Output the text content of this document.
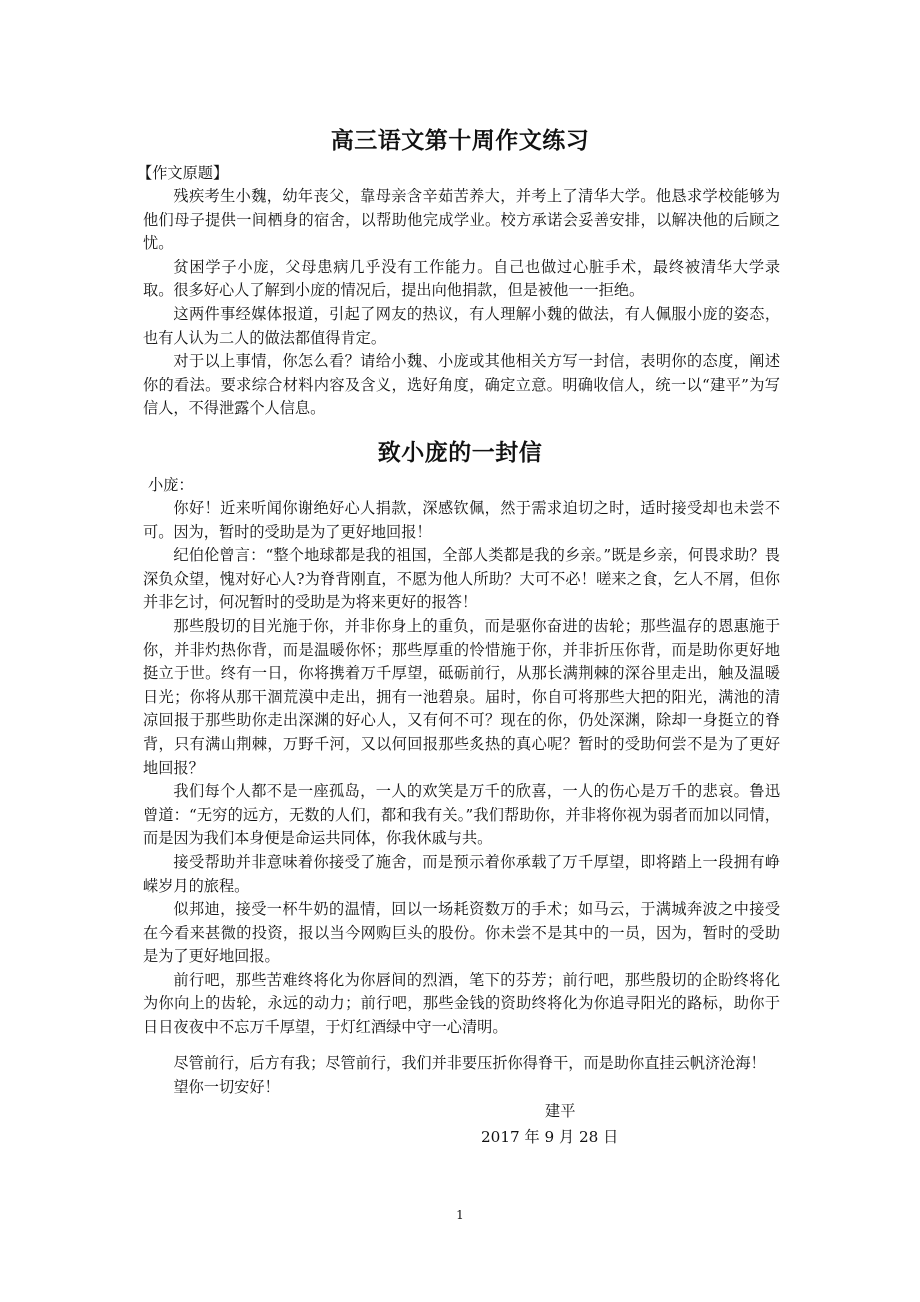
高三语文第十周作文练习
【作文原题】

残疾考生小魏，幼年丧父，靠母亲含辛茹苦养大，并考上了清华大学。他恳求学校能够为他们母子提供一间栖身的宿舍，以帮助他完成学业。校方承诺会妥善安排，以解决他的后顾之忧。

贫困学子小庞，父母患病几乎没有工作能力。自己也做过心脏手术，最终被清华大学录取。很多好心人了解到小庞的情况后，提出向他捐款，但是被他一一拒绝。

这两件事经媒体报道，引起了网友的热议，有人理解小魏的做法，有人佩服小庞的姿态，也有人认为二人的做法都值得肯定。

对于以上事情，你怎么看？请给小魏、小庞或其他相关方写一封信，表明你的态度，阐述你的看法。要求综合材料内容及含义，选好角度，确定立意。明确收信人，统一以“建平”为写信人，不得泄露个人信息。

致小庞的一封信
小庞：

你好！近来听闻你谢绝好心人捐款，深感钦佩，然于需求迫切之时，适时接受却也未尝不可。因为，暂时的受助是为了更好地回报！

纪伯伦曾言：“整个地球都是我的祖国，全部人类都是我的乡亲。”既是乡亲，何畏求助？畏深负众望，愧对好心人?为脊背刚直，不愿为他人所助？大可不必！嗟来之食，乞人不屑，但你并非乞讨，何况暂时的受助是为将来更好的报答！

那些殷切的目光施于你，并非你身上的重负，而是驱你奋进的齿轮；那些温存的恩惠施于你，并非灼热你背，而是温暖你怀；那些厚重的怜惜施于你，并非折压你背，而是助你更好地挺立于世。终有一日，你将携着万千厚望，砥砺前行，从那长满荆棘的深谷里走出，触及温暖日光；你将从那干涸荒漠中走出，拥有一池碧泉。届时，你自可将那些大把的阳光，满池的清凉回报于那些助你走出深渊的好心人，又有何不可？现在的你，仍处深渊，除却一身挺立的脊背，只有满山荆棘，万野千河，又以何回报那些炙热的真心呢？暂时的受助何尝不是为了更好地回报？

我们每个人都不是一座孤岛，一人的欢笑是万千的欣喜，一人的伤心是万千的悲哀。鲁迅曾道：“无穷的远方，无数的人们，都和我有关。”我们帮助你，并非将你视为弱者而加以同情，而是因为我们本身便是命运共同体，你我休戚与共。

接受帮助并非意味着你接受了施舍，而是预示着你承载了万千厚望，即将踏上一段拥有峥嵘岁月的旅程。

似邦迪，接受一杯牛奶的温情，回以一场耗资数万的手术；如马云，于满城奔波之中接受在今看来甚微的投资，报以当今网购巨头的股份。你未尝不是其中的一员，因为，暂时的受助是为了更好地回报。

前行吧，那些苦难终将化为你唇间的烈酒，笔下的芬芳；前行吧，那些殷切的企盼终将化为你向上的齿轮，永远的动力；前行吧，那些金钱的资助终将化为你追寻阳光的路标，助你于日日夜夜中不忘万千厚望，于灯红酒绿中守一心清明。

尽管前行，后方有我；尽管前行，我们并非要压折你得脊干，而是助你直挂云帆济沧海！

望你一切安好！

建平
2017 年 9 月 28 日
1
